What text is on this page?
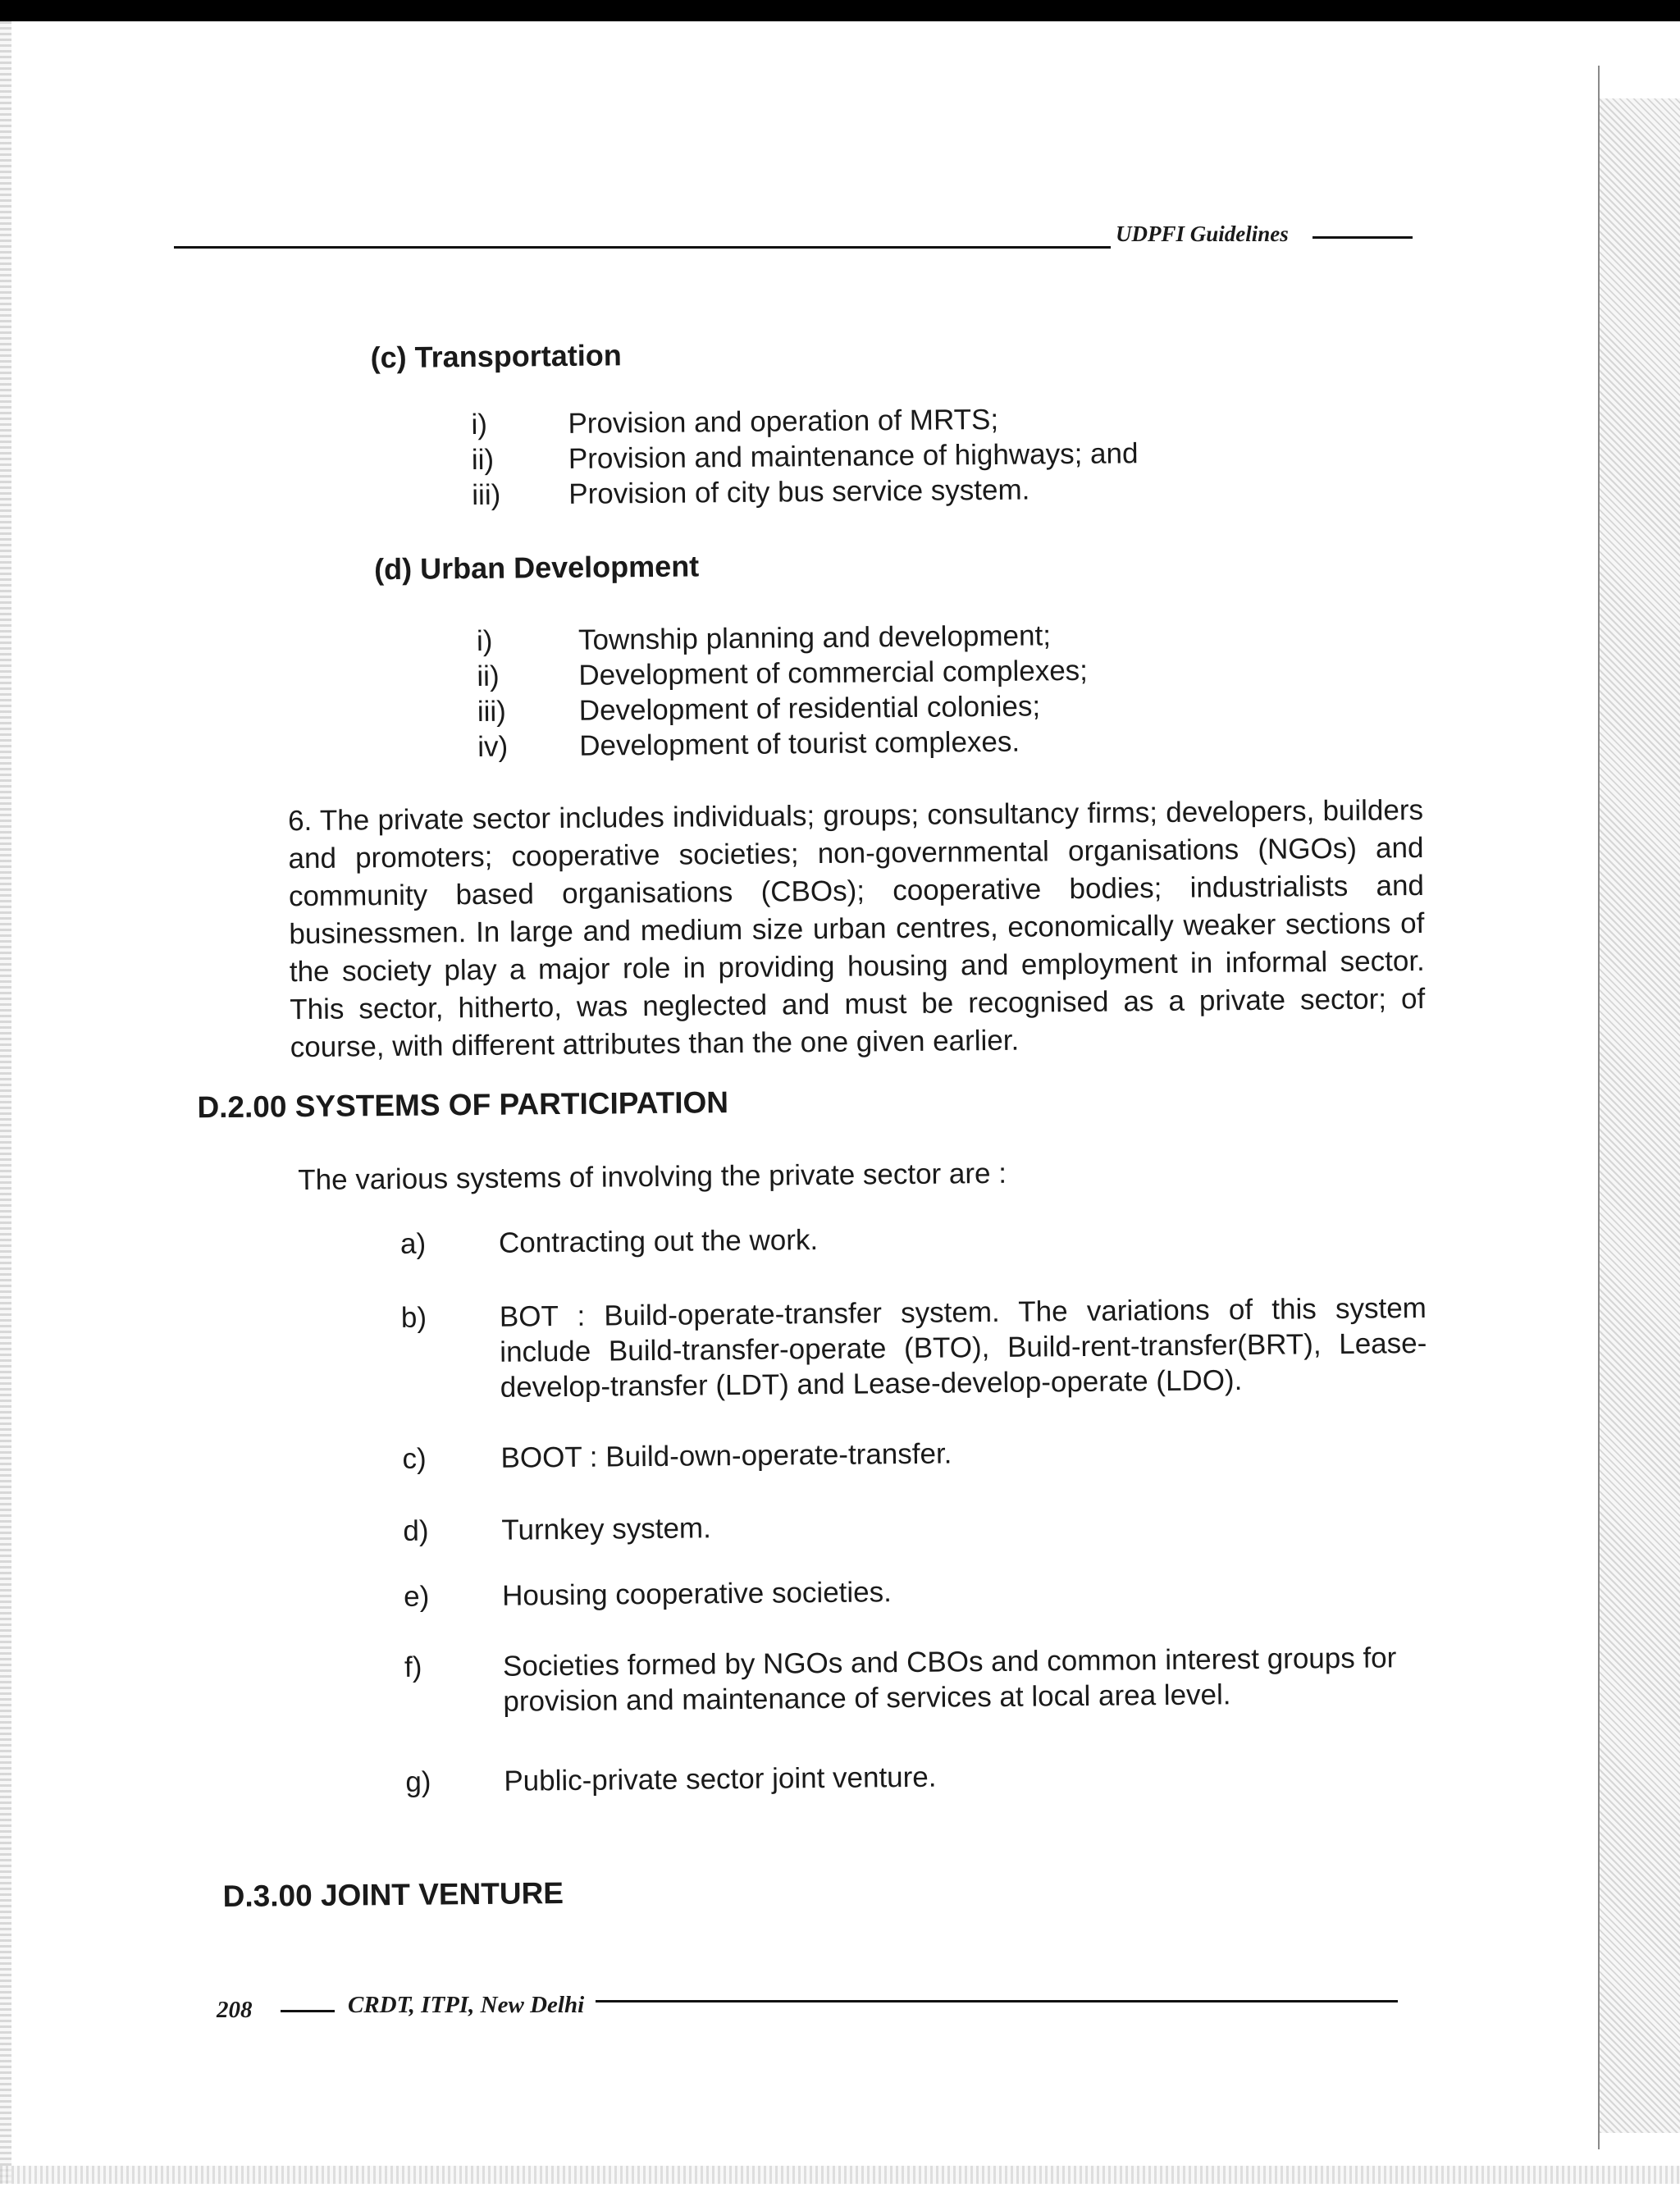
UDPFI Guidelines
(c) Transportation
i)	Provision and operation of MRTS;
ii)	Provision and maintenance of highways; and
iii) Provision of city bus service system.
(d) Urban Development
i)	Township planning and development;
ii)	Development of commercial complexes;
iii)	Development of residential colonies;
iv) Development of tourist complexes.
6. The private sector includes individuals; groups; consultancy firms; developers, builders and promoters; cooperative societies; non-governmental organisations (NGOs) and community based organisations (CBOs); cooperative bodies; industrialists and businessmen. In large and medium size urban centres, economically weaker sections of the society play a major role in providing housing and employment in informal sector. This sector, hitherto, was neglected and must be recognised as a private sector; of course, with different attributes than the one given earlier.
D.2.00 SYSTEMS OF PARTICIPATION
The various systems of involving the private sector are :
a)	Contracting out the work.
b)	BOT : Build-operate-transfer system. The variations of this system include Build-transfer-operate (BTO), Build-rent-transfer(BRT), Lease-develop-transfer (LDT) and Lease-develop-operate (LDO).
c)	BOOT : Build-own-operate-transfer.
d)	Turnkey system.
e)	Housing cooperative societies.
f)	Societies formed by NGOs and CBOs and common interest groups for provision and maintenance of services at local area level.
g)	Public-private sector joint venture.
D.3.00 JOINT VENTURE
208	CRDT, ITPI, New Delhi
